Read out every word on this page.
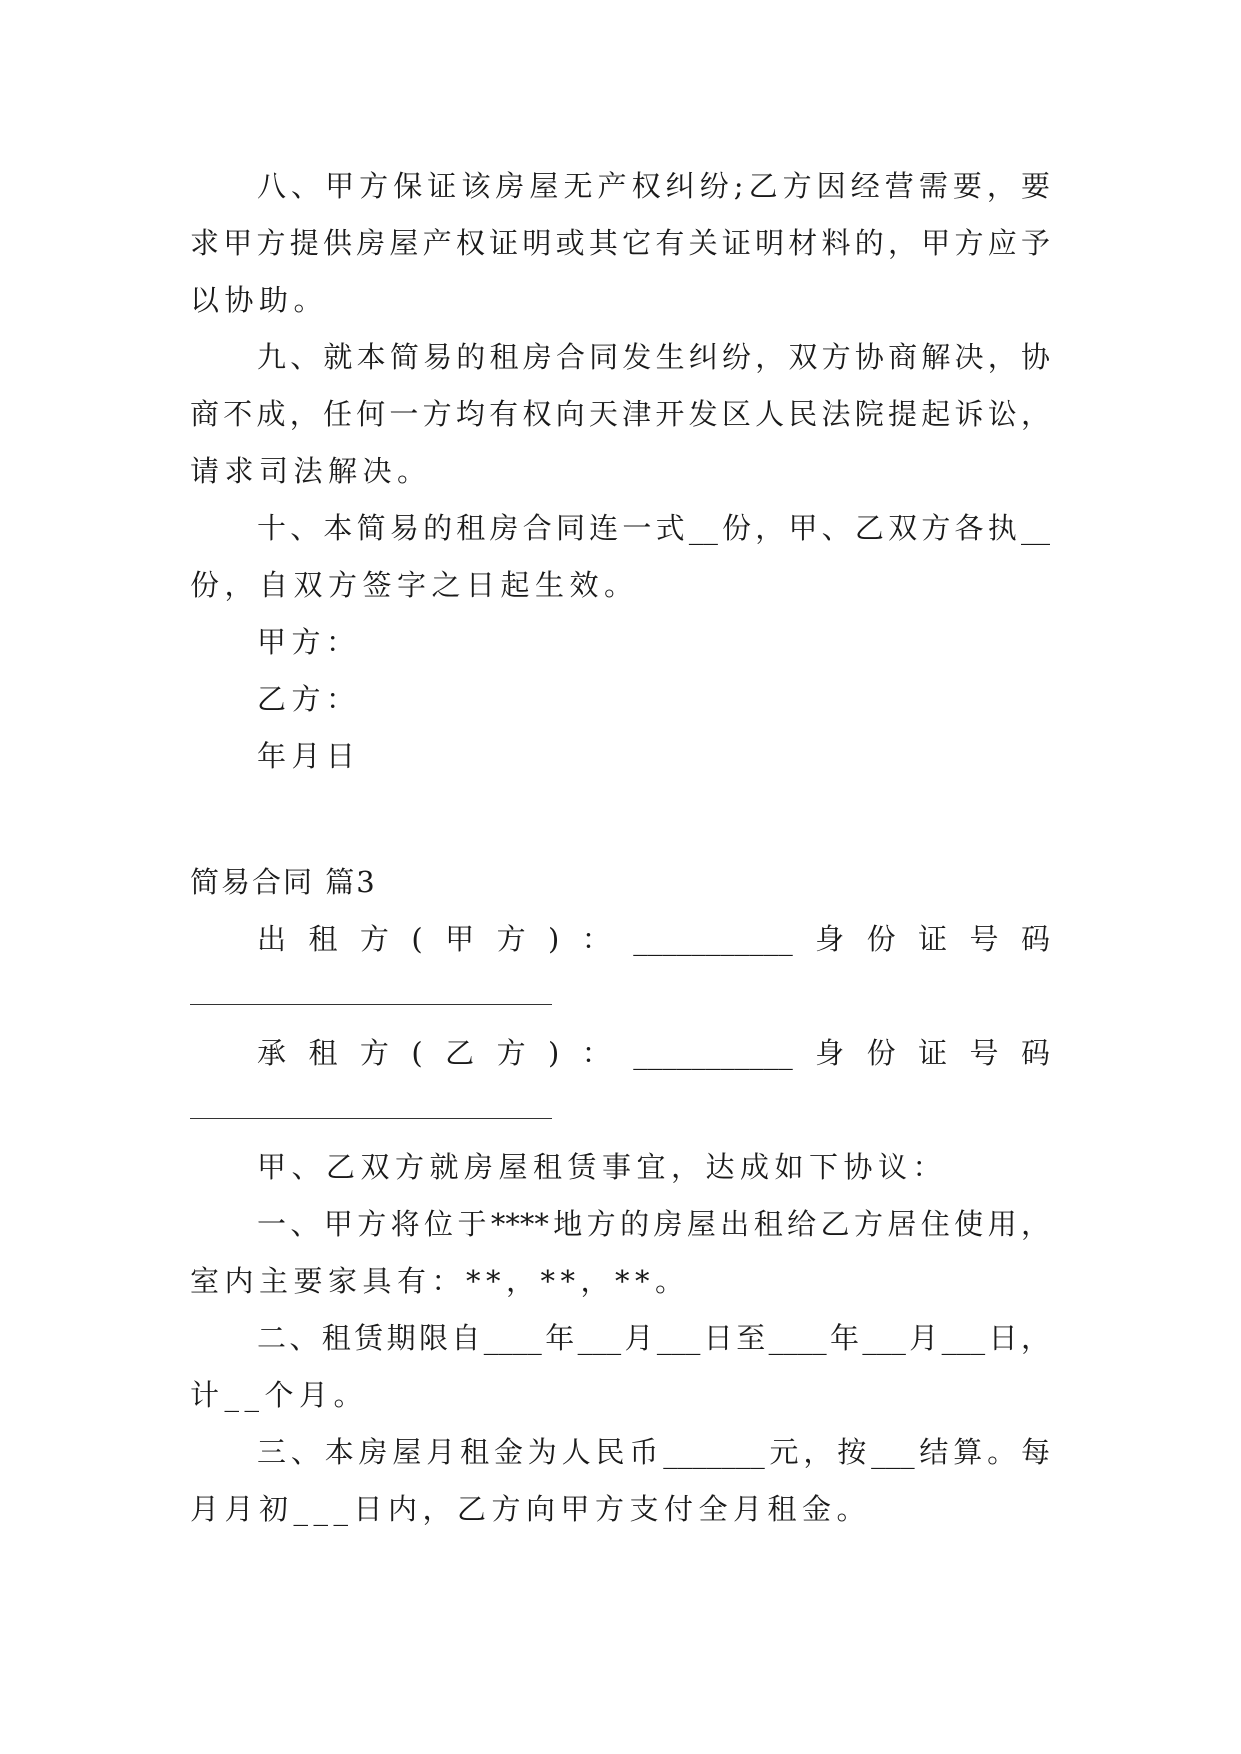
八、甲方保证该房屋无产权纠纷;乙方因经营需要，要
求甲方提供房屋产权证明或其它有关证明材料的，甲方应予
以协助。
九、就本简易的租房合同发生纠纷，双方协商解决，协
商不成，任何一方均有权向天津开发区人民法院提起诉讼，
请求司法解决。
十、本简易的租房合同连一式__份，甲、乙双方各执__
份，自双方签字之日起生效。
甲方：
乙方：
年月日
简易合同 篇3
出租方(甲方)：___________身份证号码
承租方(乙方)：___________身份证号码
甲、乙双方就房屋租赁事宜，达成如下协议：
一、甲方将位于****地方的房屋出租给乙方居住使用，
室内主要家具有：**，**，**。
二、租赁期限自____年___月___日至____年___月___日，
计__个月。
三、本房屋月租金为人民币_______元，按___结算。每
月月初___日内，乙方向甲方支付全月租金。
